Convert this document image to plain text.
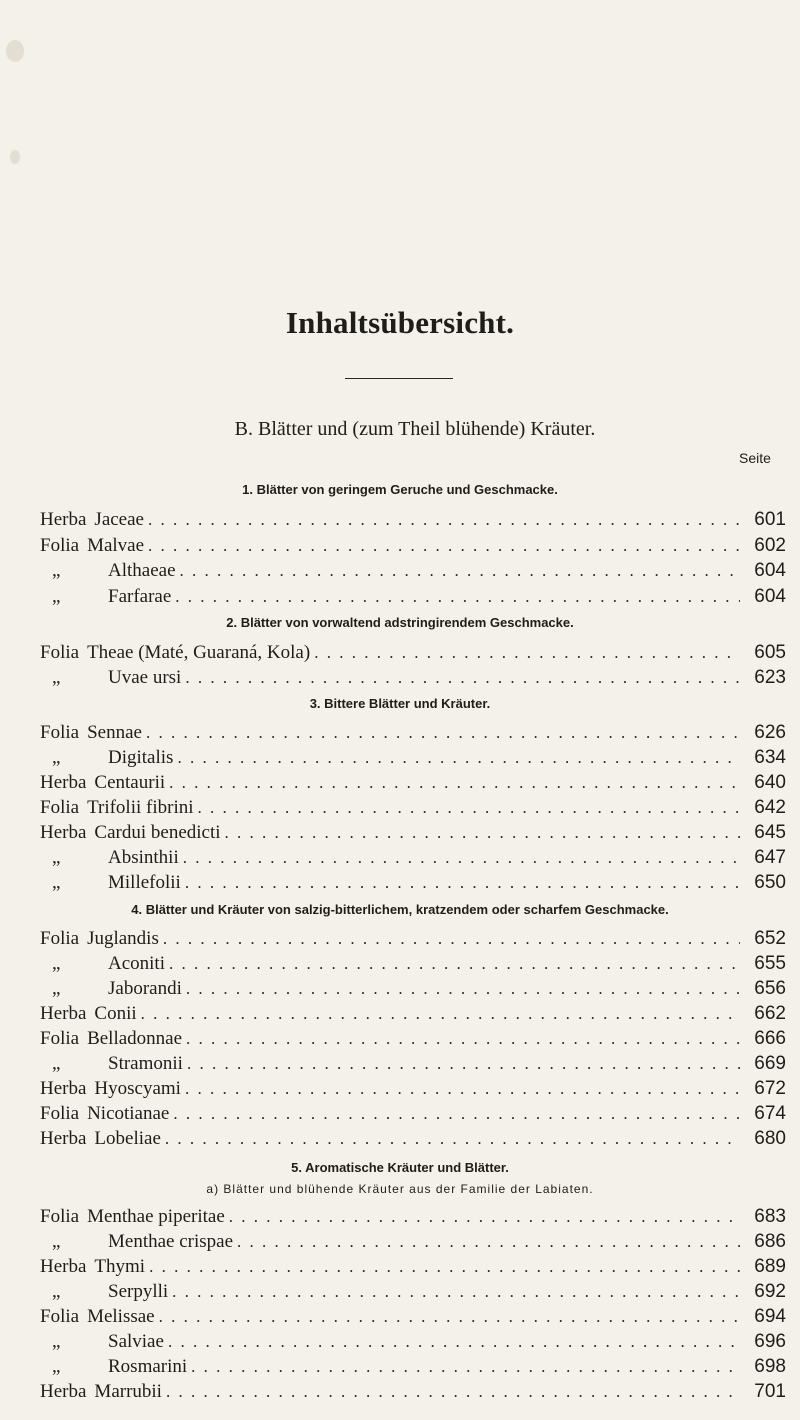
Inhaltsübersicht.
B. Blätter und (zum Theil blühende) Kräuter.
Seite
1. Blätter von geringem Geruche und Geschmacke.
Herba Jaceae . . .	601
Folia Malvae . . .	602
„	Althaeae . . .	604
„	Farfarae . . .	604
2. Blätter von vorwaltend adstringirendem Geschmacke.
Folia Theae (Maté, Guaraná, Kola) . . .	605
„	Uvae ursi . . .	623
3. Bittere Blätter und Kräuter.
Folia Sennae . . .	626
„	Digitalis . . .	634
Herba Centaurii . . .	640
Folia Trifolii fibrini . . .	642
Herba Cardui benedicti . . .	645
„	Absinthii . . .	647
„	Millefolii . . .	650
4. Blätter und Kräuter von salzig-bitterlichem, kratzendem oder scharfem Geschmacke.
Folia Juglandis . . .	652
„	Aconiti . . .	655
„	Jaborandi . . .	656
Herba Conii . . .	662
Folia Belladonnae . . .	666
„	Stramonii . . .	669
Herba Hyoscyami . . .	672
Folia Nicotianae . . .	674
Herba Lobeliae . . .	680
5. Aromatische Kräuter und Blätter.
a) Blätter und blühende Kräuter aus der Familie der Labiaten.
Folia Menthae piperitae . . .	683
„	Menthae crispae . . .	686
Herba Thymi . . .	689
„	Serpylli . . .	692
Folia Melissae . . .	694
„	Salviae . . .	696
„	Rosmarini . . .	698
Herba Marrubii . . .	701
